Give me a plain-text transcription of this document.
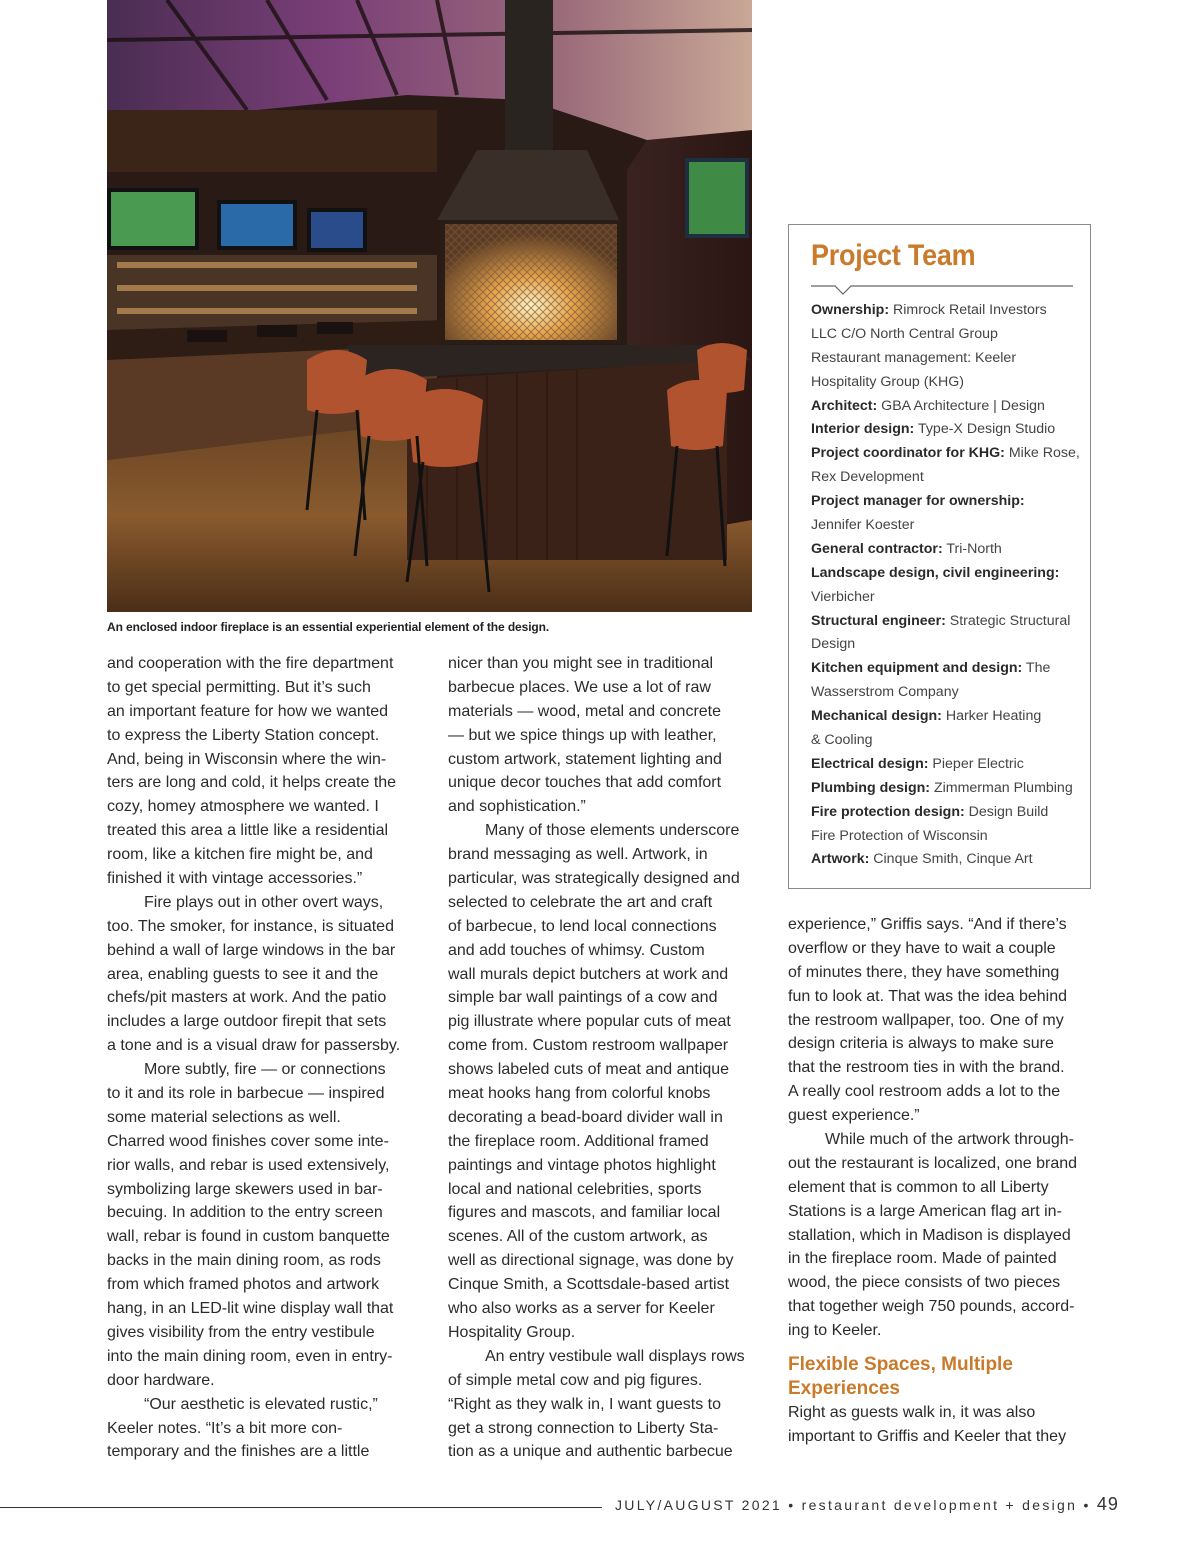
An enclosed indoor fireplace is an essential experiential element of the design.
and cooperation with the fire department
to get special permitting. But it’s such
an important feature for how we wanted
to express the Liberty Station concept.
And, being in Wisconsin where the win-
ters are long and cold, it helps create the
cozy, homey atmosphere we wanted. I
treated this area a little like a residential
room, like a kitchen fire might be, and
finished it with vintage accessories.”
Fire plays out in other overt ways,
too. The smoker, for instance, is situated
behind a wall of large windows in the bar
area, enabling guests to see it and the
chefs/pit masters at work. And the patio
includes a large outdoor firepit that sets
a tone and is a visual draw for passersby.
More subtly, fire — or connections
to it and its role in barbecue — inspired
some material selections as well.
Charred wood finishes cover some inte-
rior walls, and rebar is used extensively,
symbolizing large skewers used in bar-
becuing. In addition to the entry screen
wall, rebar is found in custom banquette
backs in the main dining room, as rods
from which framed photos and artwork
hang, in an LED-lit wine display wall that
gives visibility from the entry vestibule
into the main dining room, even in entry-
door hardware.
“Our aesthetic is elevated rustic,”
Keeler notes. “It’s a bit more con-
temporary and the finishes are a little
nicer than you might see in traditional
barbecue places. We use a lot of raw
materials — wood, metal and concrete
— but we spice things up with leather,
custom artwork, statement lighting and
unique decor touches that add comfort
and sophistication.”
Many of those elements underscore
brand messaging as well. Artwork, in
particular, was strategically designed and
selected to celebrate the art and craft
of barbecue, to lend local connections
and add touches of whimsy. Custom
wall murals depict butchers at work and
simple bar wall paintings of a cow and
pig illustrate where popular cuts of meat
come from. Custom restroom wallpaper
shows labeled cuts of meat and antique
meat hooks hang from colorful knobs
decorating a bead-board divider wall in
the fireplace room. Additional framed
paintings and vintage photos highlight
local and national celebrities, sports
figures and mascots, and familiar local
scenes. All of the custom artwork, as
well as directional signage, was done by
Cinque Smith, a Scottsdale-based artist
who also works as a server for Keeler
Hospitality Group.
An entry vestibule wall displays rows
of simple metal cow and pig figures.
“Right as they walk in, I want guests to
get a strong connection to Liberty Sta-
tion as a unique and authentic barbecue
experience,” Griffis says. “And if there’s
overflow or they have to wait a couple
of minutes there, they have something
fun to look at. That was the idea behind
the restroom wallpaper, too. One of my
design criteria is always to make sure
that the restroom ties in with the brand.
A really cool restroom adds a lot to the
guest experience.”
While much of the artwork through-
out the restaurant is localized, one brand
element that is common to all Liberty
Stations is a large American flag art in-
stallation, which in Madison is displayed
in the fireplace room. Made of painted
wood, the piece consists of two pieces
that together weigh 750 pounds, accord-
ing to Keeler.
Flexible Spaces, Multiple
Experiences
Right as guests walk in, it was also
important to Griffis and Keeler that they
Project Team
Ownership: Rimrock Retail Investors
LLC C/O North Central Group
Restaurant management: Keeler
Hospitality Group (KHG)
Architect: GBA Architecture | Design
Interior design: Type-X Design Studio
Project coordinator for KHG: Mike Rose,
Rex Development
Project manager for ownership:
Jennifer Koester
General contractor: Tri-North
Landscape design, civil engineering:
Vierbicher
Structural engineer: Strategic Structural
Design
Kitchen equipment and design: The
Wasserstrom Company
Mechanical design: Harker Heating
& Cooling
Electrical design: Pieper Electric
Plumbing design: Zimmerman Plumbing
Fire protection design: Design Build
Fire Protection of Wisconsin
Artwork: Cinque Smith, Cinque Art
JULY/AUGUST 2021 • restaurant development + design • 49
